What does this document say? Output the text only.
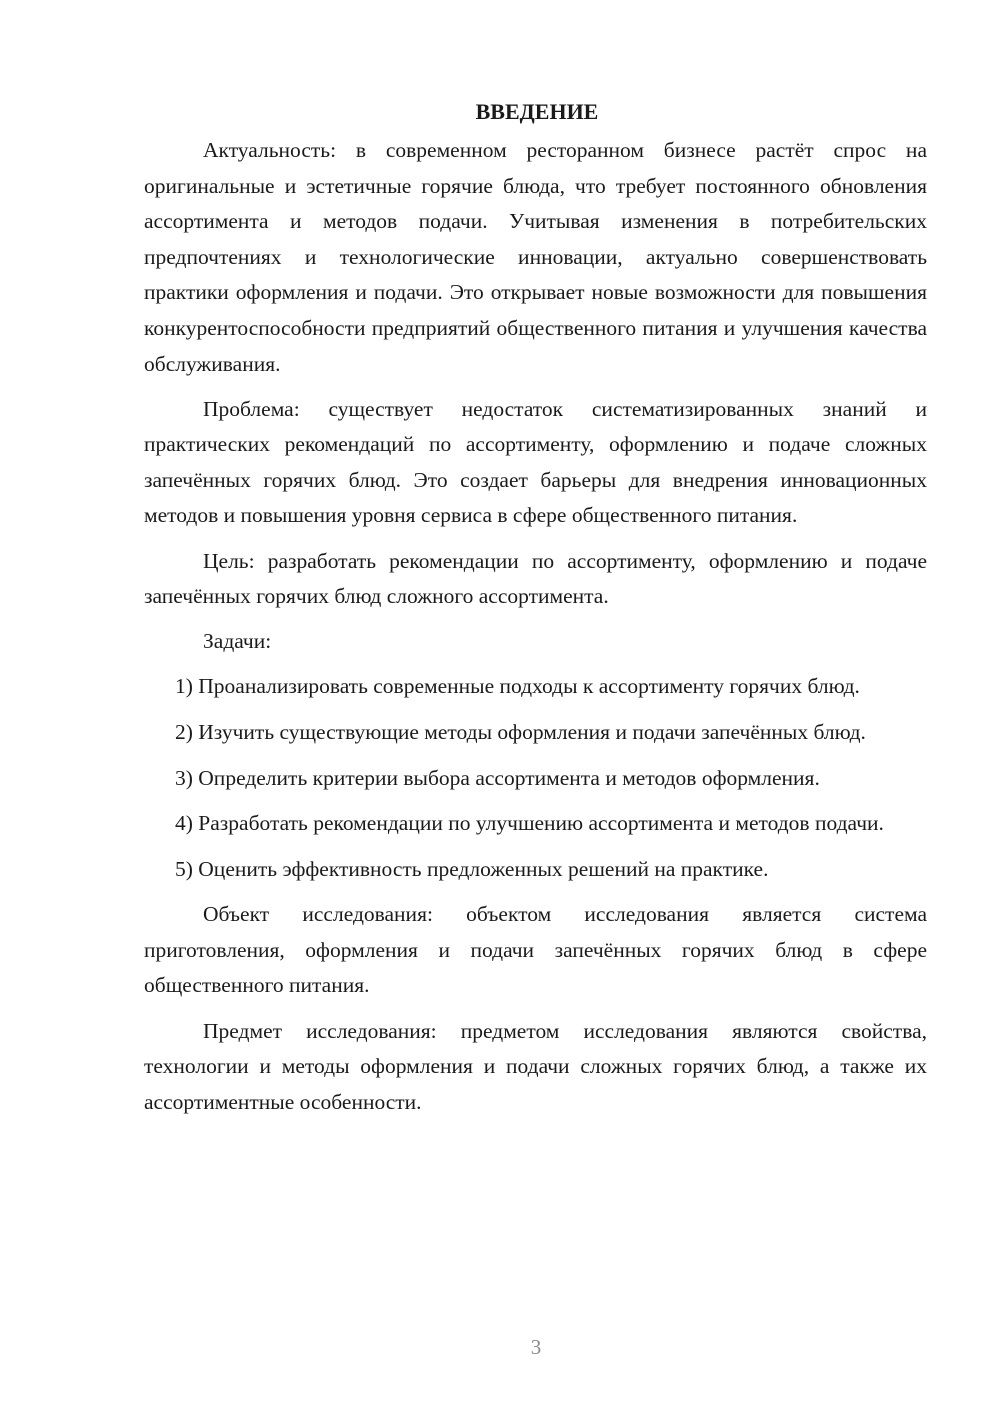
ВВЕДЕНИЕ

Актуальность: в современном ресторанном бизнесе растёт спрос на оригинальные и эстетичные горячие блюда, что требует постоянного обновления ассортимента и методов подачи. Учитывая изменения в потребительских предпочтениях и технологические инновации, актуально совершенствовать практики оформления и подачи. Это открывает новые возможности для повышения конкурентоспособности предприятий общественного питания и улучшения качества обслуживания.

Проблема: существует недостаток систематизированных знаний и практических рекомендаций по ассортименту, оформлению и подаче сложных запечённых горячих блюд. Это создает барьеры для внедрения инновационных методов и повышения уровня сервиса в сфере общественного питания.

Цель: разработать рекомендации по ассортименту, оформлению и подаче запечённых горячих блюд сложного ассортимента.

Задачи:

1) Проанализировать современные подходы к ассортименту горячих блюд.

2) Изучить существующие методы оформления и подачи запечённых блюд.

3) Определить критерии выбора ассортимента и методов оформления.

4) Разработать рекомендации по улучшению ассортимента и методов подачи.

5) Оценить эффективность предложенных решений на практике.

Объект исследования: объектом исследования является система приготовления, оформления и подачи запечённых горячих блюд в сфере общественного питания.

Предмет исследования: предметом исследования являются свойства, технологии и методы оформления и подачи сложных горячих блюд, а также их ассортиментные особенности.

3
